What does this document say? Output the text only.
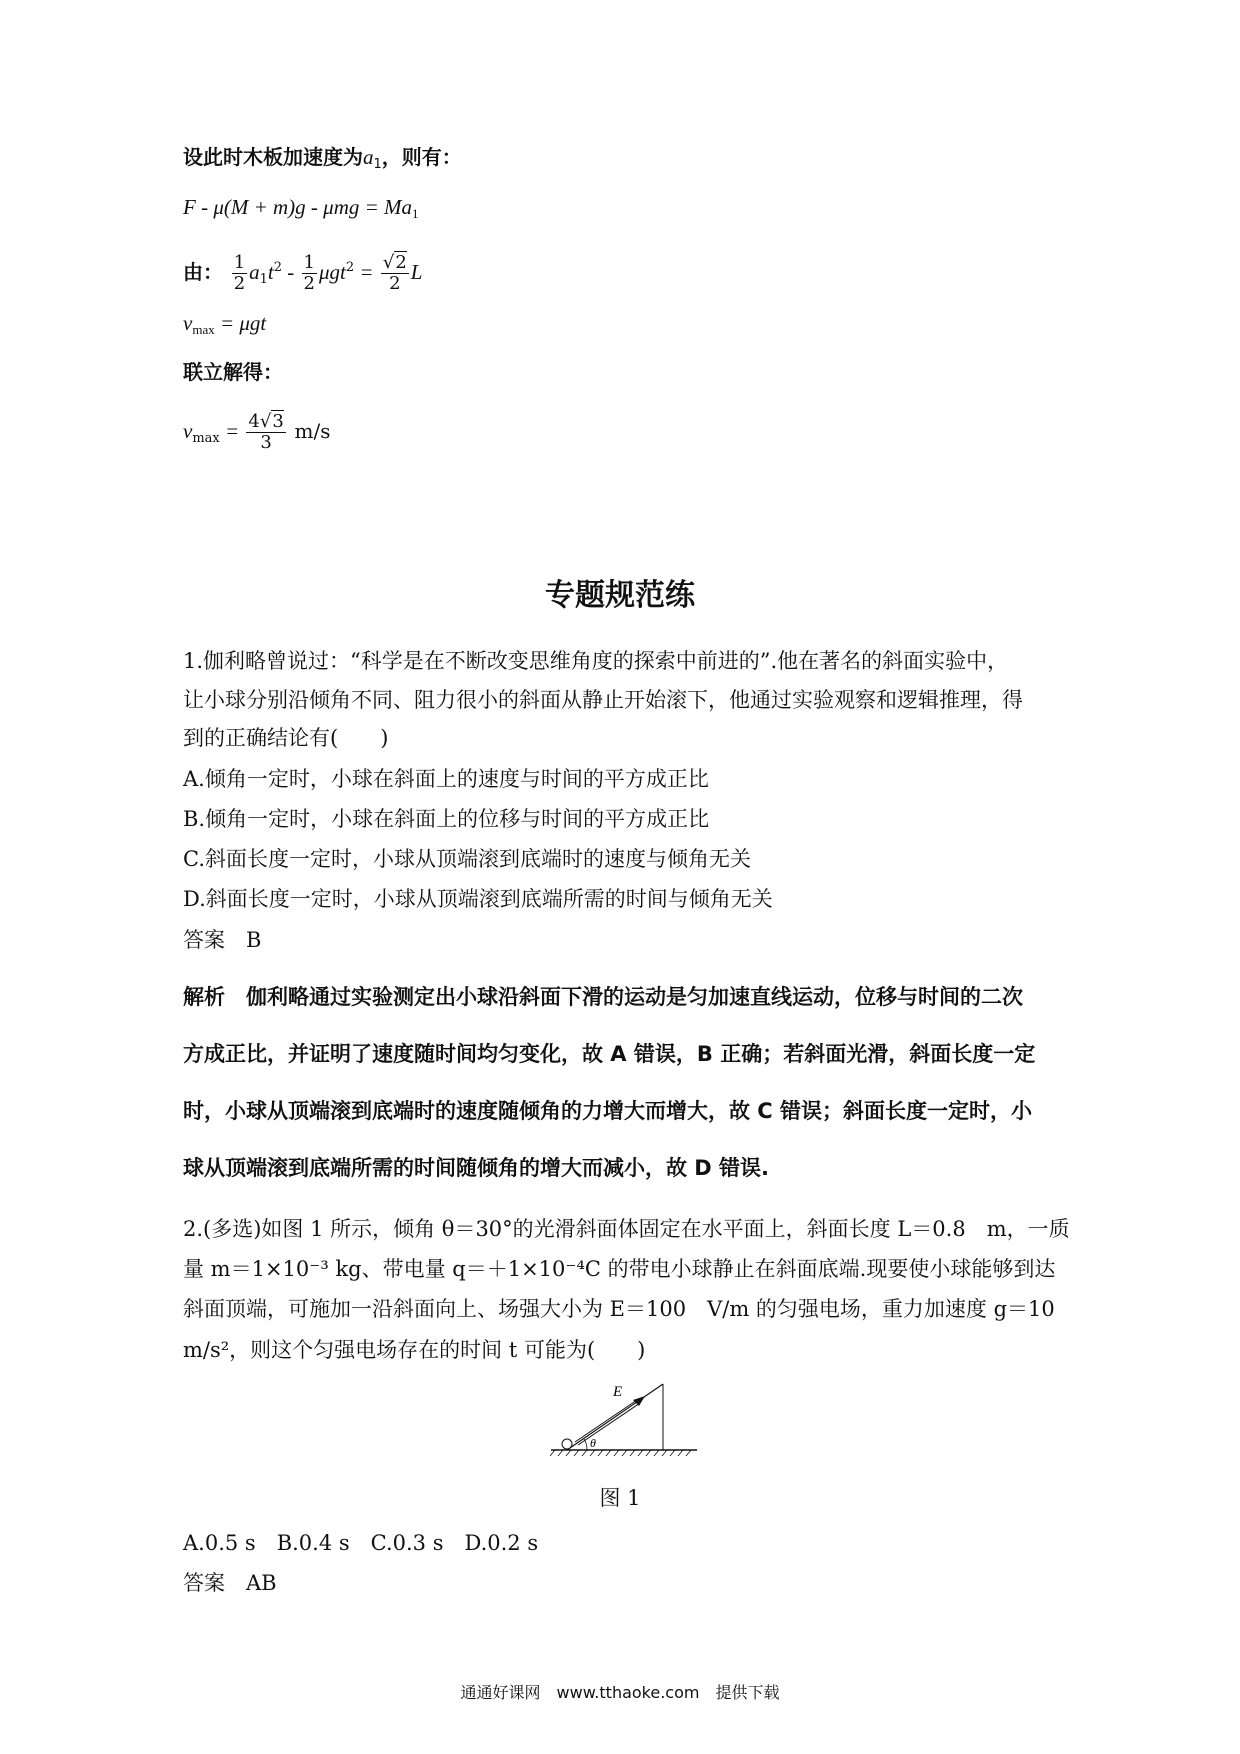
设此时木板加速度为$a_1$，则有：
$F - \mu(M + m)g - \mu mg = Ma_1$
由： $\frac{1}{2} a_1t^2 - \frac{1}{2} \mu gt^2 = \frac{√2}{2}$ L
$v_{max} = \mu gt$
联立解得：
$v_{max} = \frac{4√3}{3} m/s$
专题规范练
1.伽利略曾说过：“科学是在不断改变思维角度的探索中前进的”.他在著名的斜面实验中，
让小球分别沿倾角不同、阻力很小的斜面从静止开始滚下，他通过实验观察和逻辑推理，得
到的正确结论有(　　)
A.倾角一定时，小球在斜面上的速度与时间的平方成正比
B.倾角一定时，小球在斜面上的位移与时间的平方成正比
C.斜面长度一定时，小球从顶端滚到底端时的速度与倾角无关
D.斜面长度一定时，小球从顶端滚到底端所需的时间与倾角无关
答案　 B
解析　伽利略通过实验测定出小球沿斜面下滑的运动是匀加速直线运动，位移与时间的二次
方成正比，并证明了速度随时间均匀变化，故 A 错误，B 正确；若斜面光滑，斜面长度一定
时，小球从顶端滚到底端时的速度随倾角的力增大而增大，故 C 错误；斜面长度一定时，小
球从顶端滚到底端所需的时间随倾角的增大而减小，故 D 错误.
2.(多选)如图 1 所示，倾角 θ＝30°的光滑斜面体固定在水平面上，斜面长度 L＝0.8　m，一质
量 m＝1×10⁻³ kg、带电量 q＝＋1×10⁻⁴C 的带电小球静止在斜面底端.现要使小球能够到达
斜面顶端，可施加一沿斜面向上、场强大小为 E＝100　V/m 的匀强电场，重力加速度 g＝10
m/s²，则这个匀强电场存在的时间 t 可能为(　　)
E
θ
图 1
A.0.5 s　B.0.4 s　C.0.3 s　D.0.2 s
答案　 AB
通通好课网　www.tthaoke.com　提供下载
